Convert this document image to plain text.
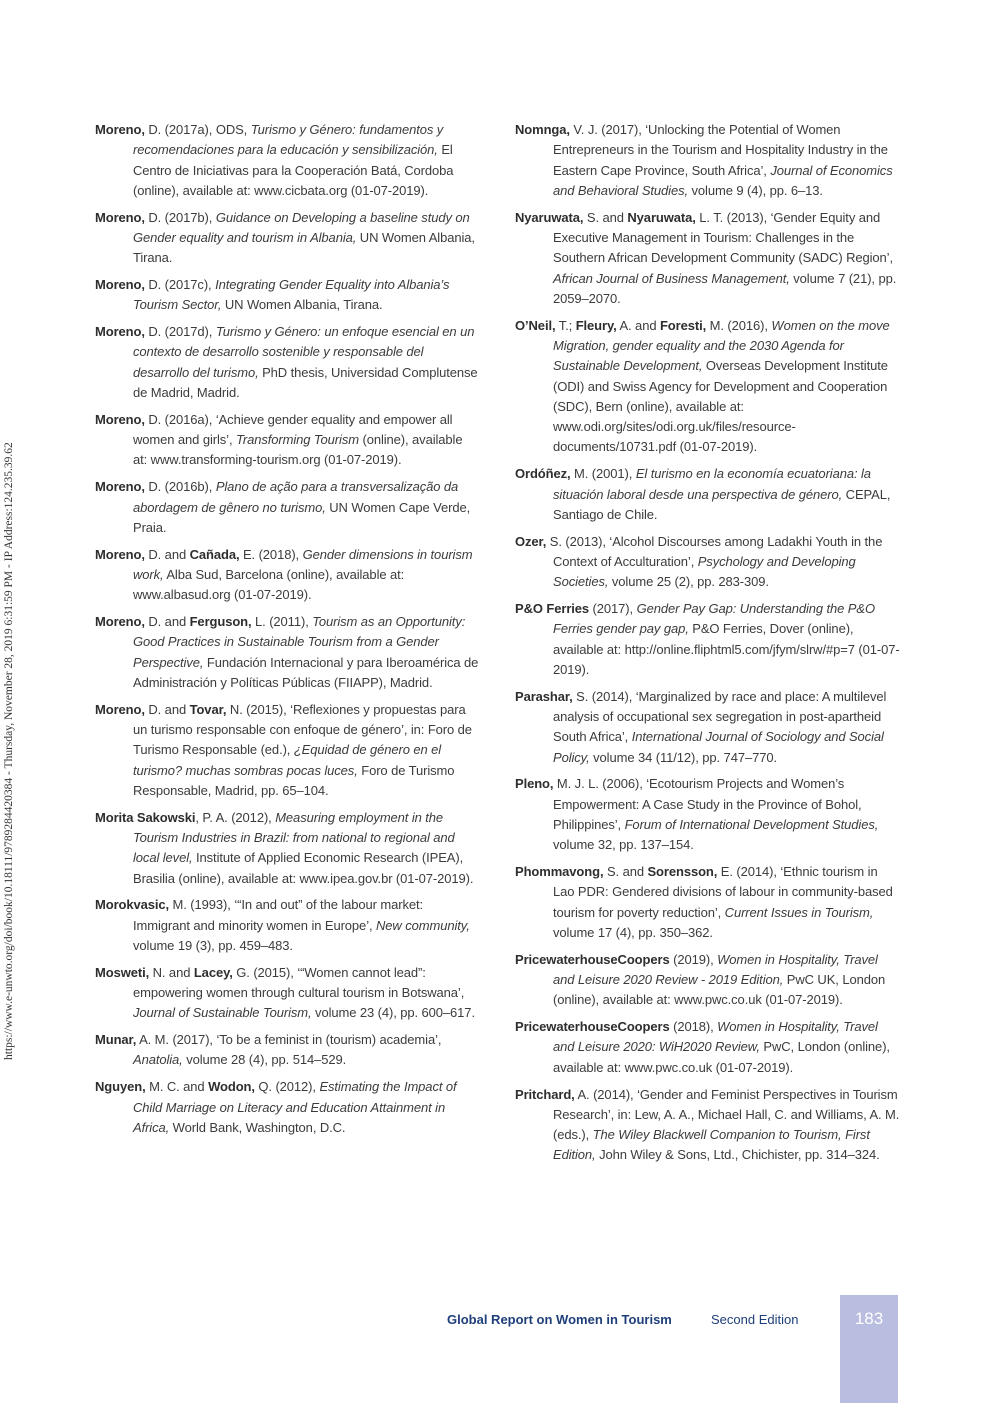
https://www.e-unwto.org/doi/book/10.18111/9789284420384 - Thursday, November 28, 2019 6:31:59 PM - IP Address:124.235.39.62

Moreno, D. (2017a), ODS, Turismo y Género: fundamentos y recomendaciones para la educación y sensibilización, El Centro de Iniciativas para la Cooperación Batá, Cordoba (online), available at: www.cicbata.org (01-07-2019).

Moreno, D. (2017b), Guidance on Developing a baseline study on Gender equality and tourism in Albania, UN Women Albania, Tirana.

Moreno, D. (2017c), Integrating Gender Equality into Albania’s Tourism Sector, UN Women Albania, Tirana.

Moreno, D. (2017d), Turismo y Género: un enfoque esencial en un contexto de desarrollo sostenible y responsable del desarrollo del turismo, PhD thesis, Universidad Complutense de Madrid, Madrid.

Moreno, D. (2016a), ‘Achieve gender equality and empower all women and girls’, Transforming Tourism (online), available at: www.transforming-tourism.org (01-07-2019).

Moreno, D. (2016b), Plano de ação para a transversalização da abordagem de gênero no turismo, UN Women Cape Verde, Praia.

Moreno, D. and Cañada, E. (2018), Gender dimensions in tourism work, Alba Sud, Barcelona (online), available at: www.albasud.org (01-07-2019).

Moreno, D. and Ferguson, L. (2011), Tourism as an Opportunity: Good Practices in Sustainable Tourism from a Gender Perspective, Fundación Internacional y para Iberoamérica de Administración y Políticas Públicas (FIIAPP), Madrid.

Moreno, D. and Tovar, N. (2015), ‘Reflexiones y propuestas para un turismo responsable con enfoque de género’, in: Foro de Turismo Responsable (ed.), ¿Equidad de género en el turismo? muchas sombras pocas luces, Foro de Turismo Responsable, Madrid, pp. 65–104.

Morita Sakowski, P. A. (2012), Measuring employment in the Tourism Industries in Brazil: from national to regional and local level, Institute of Applied Economic Research (IPEA), Brasilia (online), available at: www.ipea.gov.br (01-07-2019).

Morokvasic, M. (1993), ‘“In and out” of the labour market: Immigrant and minority women in Europe’, New community, volume 19 (3), pp. 459–483.

Mosweti, N. and Lacey, G. (2015), ‘“Women cannot lead”: empowering women through cultural tourism in Botswana’, Journal of Sustainable Tourism, volume 23 (4), pp. 600–617.

Munar, A. M. (2017), ‘To be a feminist in (tourism) academia’, Anatolia, volume 28 (4), pp. 514–529.

Nguyen, M. C. and Wodon, Q. (2012), Estimating the Impact of Child Marriage on Literacy and Education Attainment in Africa, World Bank, Washington, D.C.

Nomnga, V. J. (2017), ‘Unlocking the Potential of Women Entrepreneurs in the Tourism and Hospitality Industry in the Eastern Cape Province, South Africa’, Journal of Economics and Behavioral Studies, volume 9 (4), pp. 6–13.

Nyaruwata, S. and Nyaruwata, L. T. (2013), ‘Gender Equity and Executive Management in Tourism: Challenges in the Southern African Development Community (SADC) Region’, African Journal of Business Management, volume 7 (21), pp. 2059–2070.

O’Neil, T.; Fleury, A. and Foresti, M. (2016), Women on the move Migration, gender equality and the 2030 Agenda for Sustainable Development, Overseas Development Institute (ODI) and Swiss Agency for Development and Cooperation (SDC), Bern (online), available at: www.odi.org/sites/odi.org.uk/files/resource-documents/10731.pdf (01-07-2019).

Ordóñez, M. (2001), El turismo en la economía ecuatoriana: la situación laboral desde una perspectiva de género, CEPAL, Santiago de Chile.

Ozer, S. (2013), ‘Alcohol Discourses among Ladakhi Youth in the Context of Acculturation’, Psychology and Developing Societies, volume 25 (2), pp. 283-309.

P&O Ferries (2017), Gender Pay Gap: Understanding the P&O Ferries gender pay gap, P&O Ferries, Dover (online), available at: http://online.fliphtml5.com/jfym/slrw/#p=7 (01-07-2019).

Parashar, S. (2014), ‘Marginalized by race and place: A multilevel analysis of occupational sex segregation in post-apartheid South Africa’, International Journal of Sociology and Social Policy, volume 34 (11/12), pp. 747–770.

Pleno, M. J. L. (2006), ‘Ecotourism Projects and Women’s Empowerment: A Case Study in the Province of Bohol, Philippines’, Forum of International Development Studies, volume 32, pp. 137–154.

Phommavong, S. and Sorensson, E. (2014), ‘Ethnic tourism in Lao PDR: Gendered divisions of labour in community-based tourism for poverty reduction’, Current Issues in Tourism, volume 17 (4), pp. 350–362.

PricewaterhouseCoopers (2019), Women in Hospitality, Travel and Leisure 2020 Review - 2019 Edition, PwC UK, London (online), available at: www.pwc.co.uk (01-07-2019).

PricewaterhouseCoopers (2018), Women in Hospitality, Travel and Leisure 2020: WiH2020 Review, PwC, London (online), available at: www.pwc.co.uk (01-07-2019).

Pritchard, A. (2014), ‘Gender and Feminist Perspectives in Tourism Research’, in: Lew, A. A., Michael Hall, C. and Williams, A. M. (eds.), The Wiley Blackwell Companion to Tourism, First Edition, John Wiley & Sons, Ltd., Chichister, pp. 314–324.

Global Report on Women in Tourism	Second Edition	183
